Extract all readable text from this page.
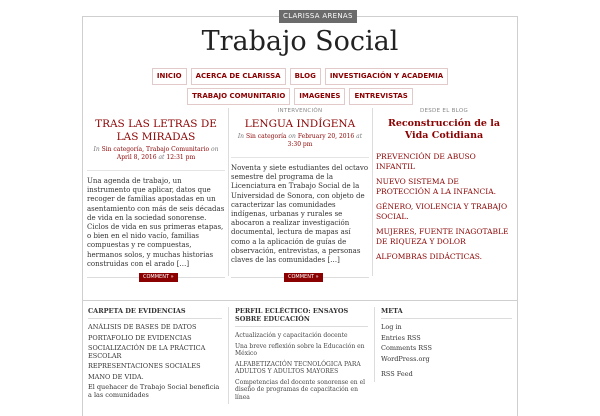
CLARISSA ARENAS
Trabajo Social
INICIO	ACERCA DE CLARISSA	BLOG	INVESTIGACIÓN Y ACADEMIA
TRABAJO COMUNITARIO	IMAGENES	ENTREVISTAS
TRAS LAS LETRAS DE LAS MIRADAS
In Sin categoría, Trabajo Comunitario on April 8, 2016 at 12:31 pm
Una agenda de trabajo, un instrumento que aplicar, datos que recoger de familias apostadas en un asentamiento con más de seis décadas de vida en la sociedad sonorense. Ciclos de vida en sus primeras etapas, o bien en el nido vacío, familias compuestas y re compuestas, hermanos solos, y muchas historias construidas con el arado […]
INTERVENCIÓN
LENGUA INDÍGENA
In Sin categoría on February 20, 2016 at 3:30 pm
Noventa y siete estudiantes del octavo semestre del programa de la Licenciatura en Trabajo Social de la Universidad de Sonora, con objeto de caracterizar las comunidades indígenas, urbanas y rurales se abocaron a realizar investigación documental, lectura de mapas así como a la aplicación de guías de observación, entrevistas, a personas claves de las comunidades […]
DESDE EL BLOG
Reconstrucción de la Vida Cotidiana
PREVENCIÓN DE ABUSO INFANTIL
NUEVO SISTEMA DE PROTECCIÓN A LA INFANCIA.
GÉNERO, VIOLENCIA Y TRABAJO SOCIAL.
MUJERES, FUENTE INAGOTABLE DE RIQUEZA Y DOLOR
ALFOMBRAS DIDÁCTICAS.
COMMENT »	COMMENT »
CARPETA DE EVIDENCIAS
ANÁLISIS DE BASES DE DATOS
PORTAFOLIO DE EVIDENCIAS
SOCIALIZACIÓN DE LA PRÁCTICA ESCOLAR
REPRESENTACIONES SOCIALES
MANO DE VIDA.
El quehacer de Trabajo Social beneficia a las comunidades
PERFIL ECLÉCTICO: ENSAYOS SOBRE EDUCACIÓN
Actualización y capacitación docente
Una breve reflexión sobre la Educación en México
ALFABETIZACIÓN TECNOLÓGICA PARA ADULTOS Y ADULTOS MAYORES
Competencias del docente sonorense en el diseño de programas de capacitación en línea
META
Log in
Entries RSS
Comments RSS
WordPress.org
RSS Feed
